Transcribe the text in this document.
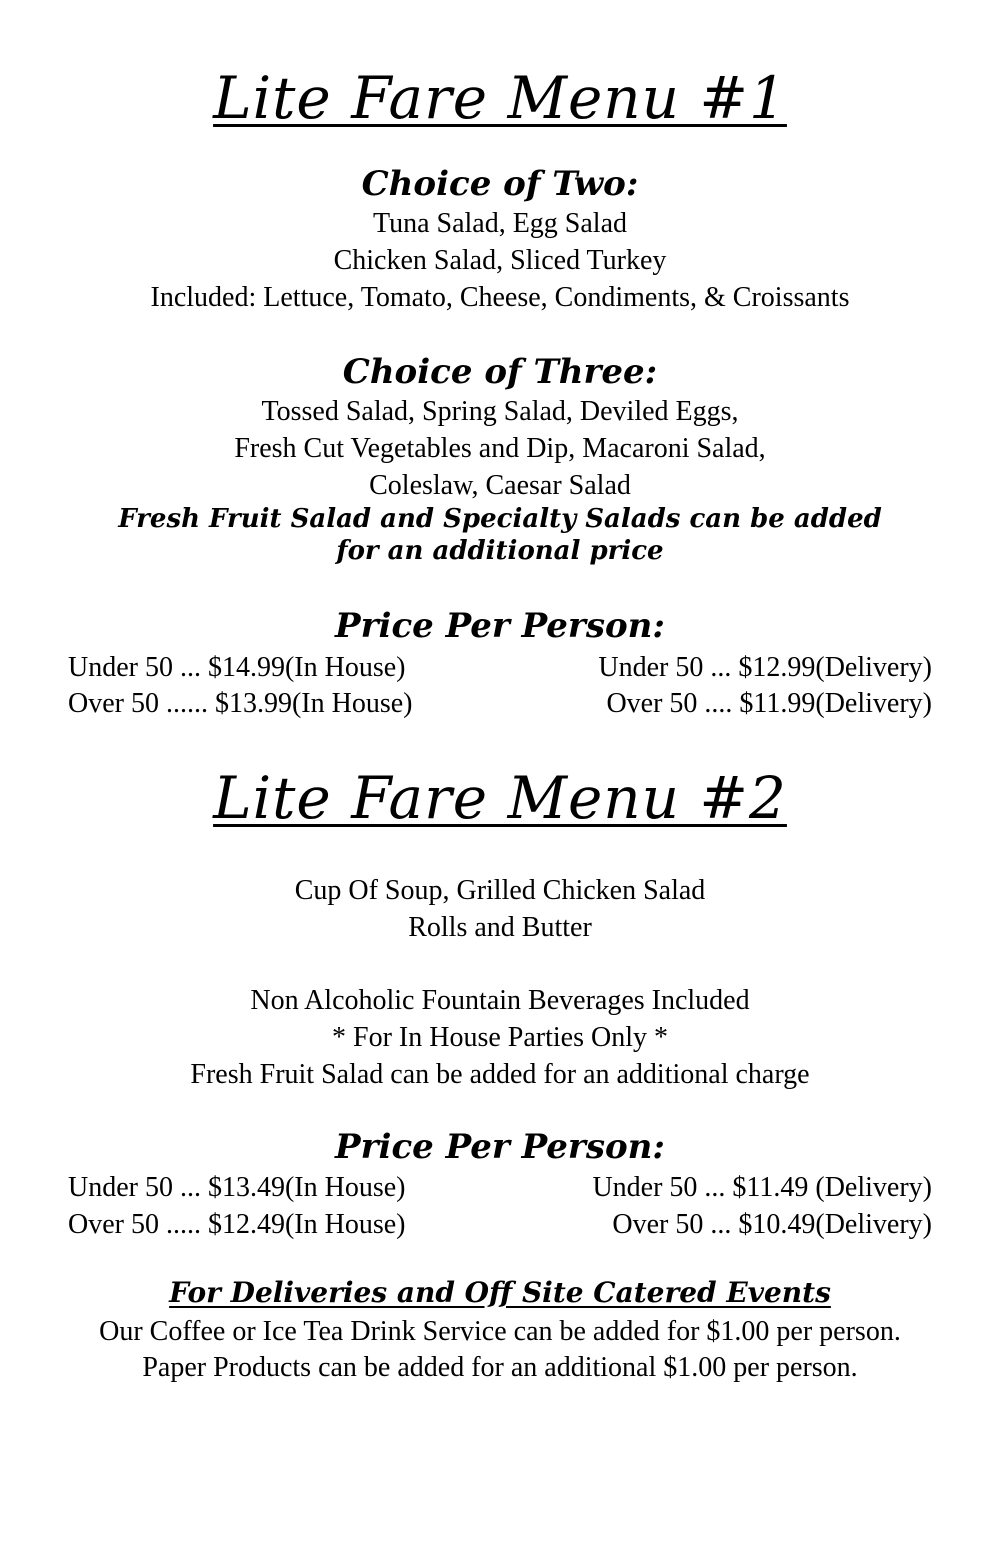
Lite Fare Menu #1
Choice of Two:
Tuna Salad, Egg Salad
Chicken Salad, Sliced Turkey
Included: Lettuce, Tomato, Cheese, Condiments, & Croissants
Choice of Three:
Tossed Salad, Spring Salad, Deviled Eggs,
Fresh Cut Vegetables and Dip, Macaroni Salad,
Coleslaw, Caesar Salad
Fresh Fruit Salad and Specialty Salads can be added
for an additional price
Price Per Person:
Under 50 ... $14.99(In House)	Under 50 ... $12.99(Delivery)
Over 50 ...... $13.99(In House)	Over 50 .... $11.99(Delivery)
Lite Fare Menu #2
Cup Of Soup, Grilled Chicken Salad
Rolls and Butter
Non Alcoholic Fountain Beverages Included
* For In House Parties Only *
Fresh Fruit Salad can be added for an additional charge
Price Per Person:
Under 50 ... $13.49(In House)	Under 50 ... $11.49 (Delivery)
Over 50 ..... $12.49(In House)	Over 50 ... $10.49(Delivery)
For Deliveries and Off Site Catered Events
Our Coffee or Ice Tea Drink Service can be added for $1.00 per person.
Paper Products can be added for an additional $1.00 per person.
